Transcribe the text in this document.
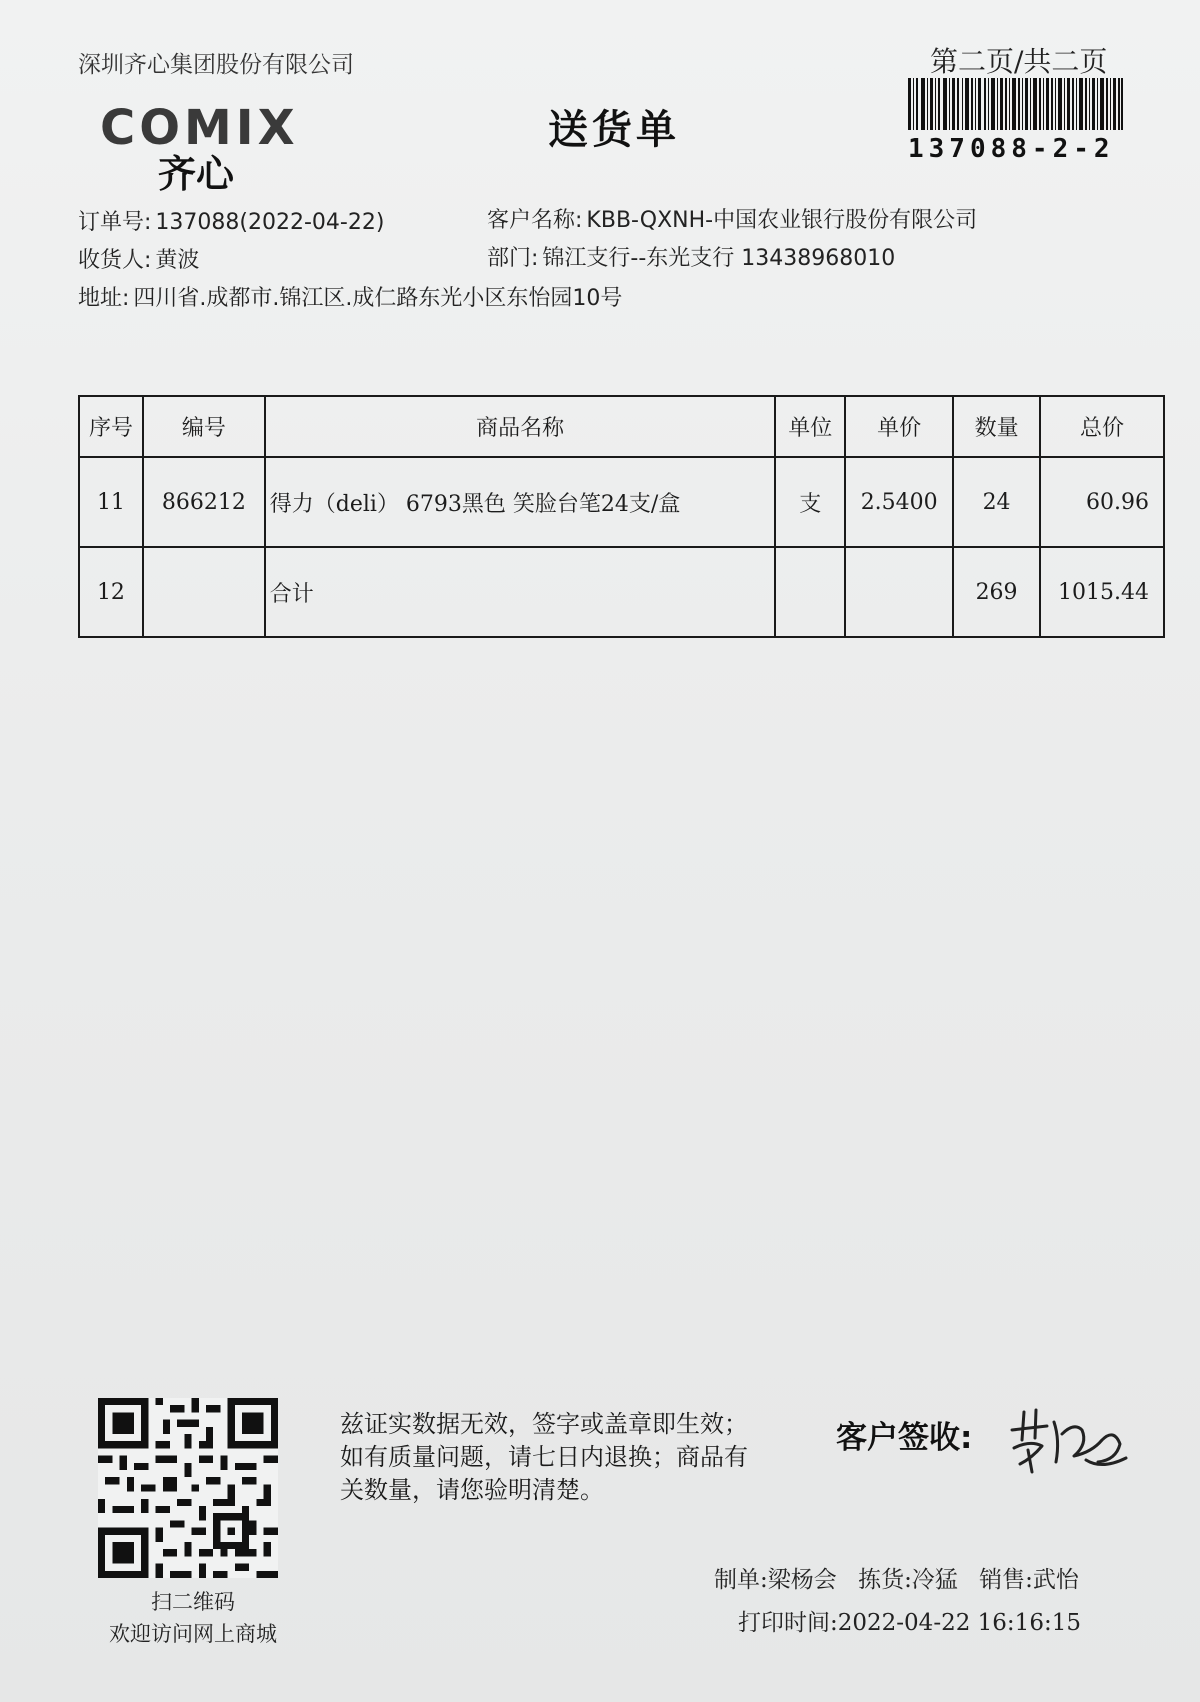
深圳齐心集团股份有限公司	第二页/共二页
COMIX
齐心
送货单	137088-2-2
订单号: 137088(2022-04-22)	客户名称: KBB-QXNH-中国农业银行股份有限公司
收货人: 黄波	部门: 锦江支行--东光支行 13438968010
地址: 四川省.成都市.锦江区.成仁路东光小区东怡园10号
序号	编号	商品名称	单位	单价	数量	总价
11	866212	得力（deli） 6793黑色 笑脸台笔24支/盒	支	2.5400	24	60.96
12		合计			269	1015.44
扫二维码
欢迎访问网上商城
兹证实数据无效，签字或盖章即生效；如有质量问题，请七日内退换；商品有关数量，请您验明清楚。
客户签收:
制单:梁杨会 拣货:冷猛 销售:武怡
打印时间:2022-04-22 16:16:15
